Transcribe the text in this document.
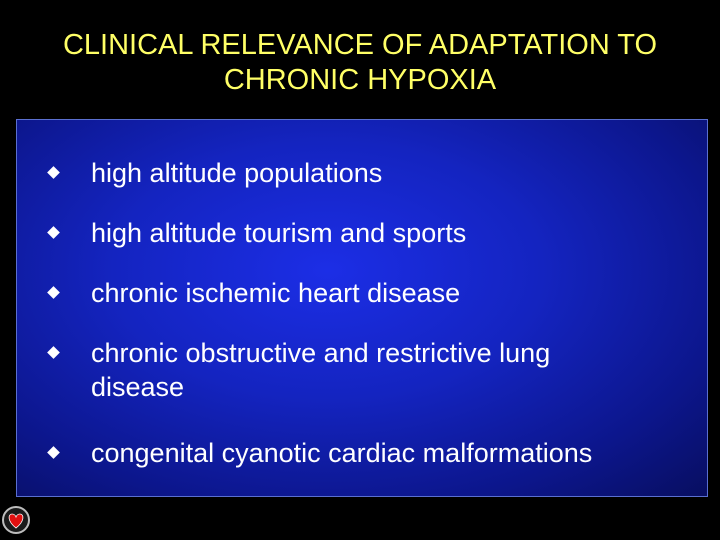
CLINICAL RELEVANCE OF ADAPTATION TO
CHRONIC HYPOXIA
high altitude populations
high altitude tourism and sports
chronic ischemic heart disease
chronic obstructive and restrictive lung disease
congenital cyanotic cardiac malformations
